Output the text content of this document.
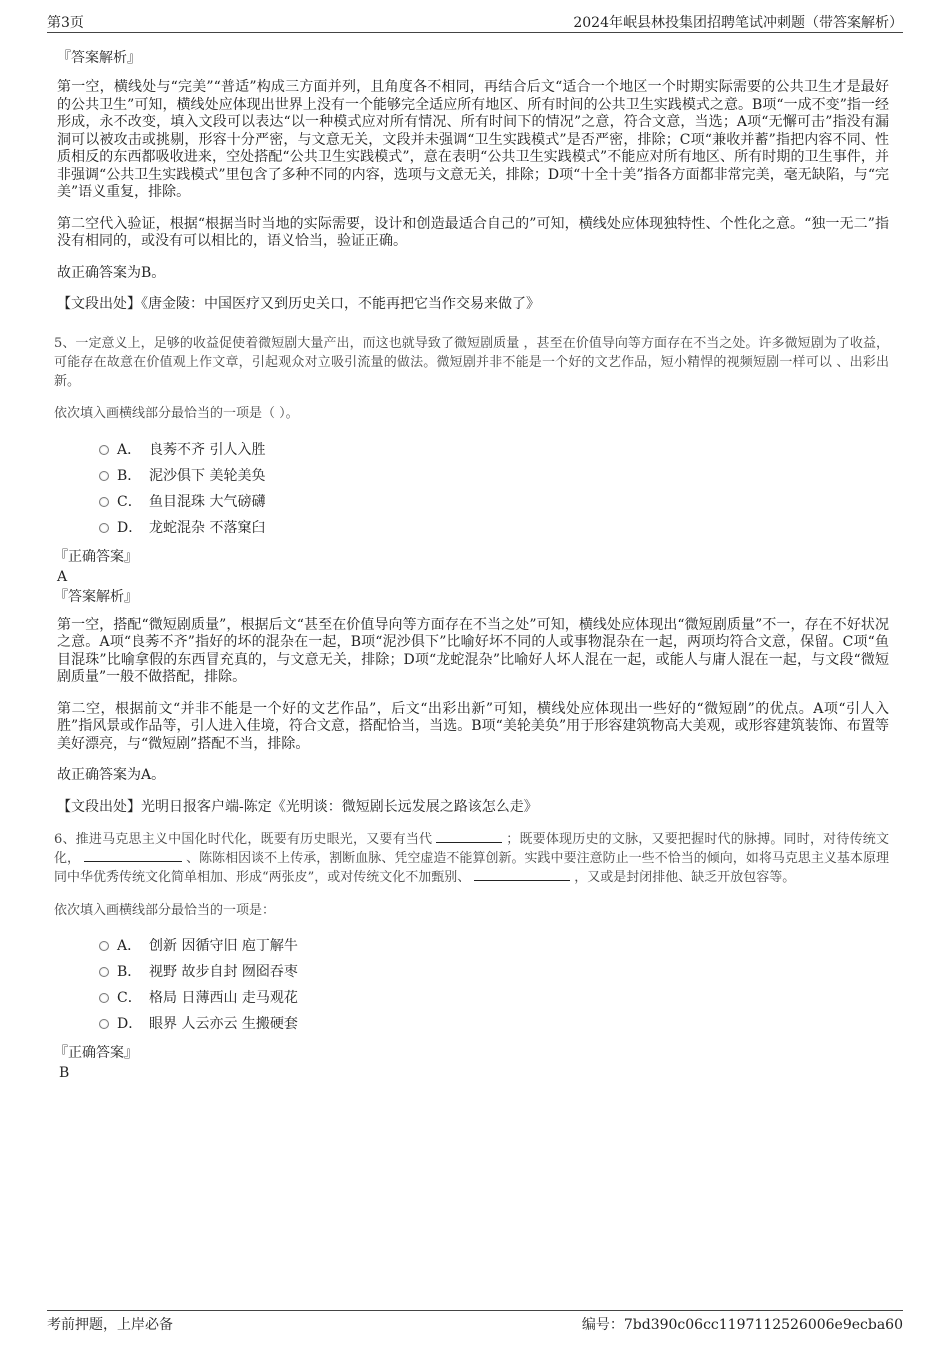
第3页	2024年岷县林投集团招聘笔试冲刺题（带答案解析）
『答案解析』

第一空，横线处与“完美”“普适”构成三方面并列，且角度各不相同，再结合后文“适合一个地区一个时期实际需要的公共卫生才是最好的公共卫生”可知，横线处应体现出世界上没有一个能够完全适应所有地区、所有时间的公共卫生实践模式之意。B项“一成不变”指一经形成，永不改变，填入文段可以表达“以一种模式应对所有情况、所有时间下的情况”之意，符合文意，当选；A项“无懈可击”指没有漏洞可以被攻击或挑剔，形容十分严密，与文意无关，文段并未强调“卫生实践模式”是否严密，排除；C项“兼收并蓄”指把内容不同、性质相反的东西都吸收进来，空处搭配“公共卫生实践模式”，意在表明“公共卫生实践模式”不能应对所有地区、所有时期的卫生事件，并非强调“公共卫生实践模式”里包含了多种不同的内容，选项与文意无关，排除；D项“十全十美”指各方面都非常完美，毫无缺陷，与“完美”语义重复，排除。

第二空代入验证，根据“根据当时当地的实际需要，设计和创造最适合自己的”可知，横线处应体现独特性、个性化之意。“独一无二”指没有相同的，或没有可以相比的，语义恰当，验证正确。

故正确答案为B。

【文段出处】《唐金陵：中国医疗又到历史关口，不能再把它当作交易来做了》

5、一定意义上，足够的收益促使着微短剧大量产出，而这也就导致了微短剧质量 ，甚至在价值导向等方面存在不当之处。许多微短剧为了收益，可能存在故意在价值观上作文章，引起观众对立吸引流量的做法。微短剧并非不能是一个好的文艺作品，短小精悍的视频短剧一样可以 、出彩出新。

依次填入画横线部分最恰当的一项是（ ）。

A． 良莠不齐 引人入胜
B． 泥沙俱下 美轮美奂
C． 鱼目混珠 大气磅礴
D． 龙蛇混杂 不落窠臼
『正确答案』
A
『答案解析』

第一空，搭配“微短剧质量”，根据后文“甚至在价值导向等方面存在不当之处”可知，横线处应体现出“微短剧质量”不一，存在不好状况之意。A项“良莠不齐”指好的坏的混杂在一起，B项“泥沙俱下”比喻好坏不同的人或事物混杂在一起，两项均符合文意，保留。C项“鱼目混珠”比喻拿假的东西冒充真的，与文意无关，排除；D项“龙蛇混杂”比喻好人坏人混在一起，或能人与庸人混在一起，与文段“微短剧质量”一般不做搭配，排除。

第二空，根据前文“并非不能是一个好的文艺作品”，后文“出彩出新”可知，横线处应体现出一些好的“微短剧”的优点。A项“引人入胜”指风景或作品等，引人进入佳境，符合文意，搭配恰当，当选。B项“美轮美奂”用于形容建筑物高大美观，或形容建筑装饰、布置等美好漂亮，与“微短剧”搭配不当，排除。

故正确答案为A。

【文段出处】光明日报客户端-陈定《光明谈：微短剧长远发展之路该怎么走》

6、推进马克思主义中国化时代化，既要有历史眼光，又要有当代	；既要体现历史的文脉，又要把握时代的脉搏。同时，对待传统文化，	、陈陈相因谈不上传承，割断血脉、凭空虚造不能算创新。实践中要注意防止一些不恰当的倾向，如将马克思主义基本原理同中华优秀传统文化简单相加、形成“两张皮”，或对传统文化不加甄别、	，又或是封闭排他、缺乏开放包容等。

依次填入画横线部分最恰当的一项是：

A． 创新 因循守旧 庖丁解牛
B． 视野 故步自封 囫囵吞枣
C． 格局 日薄西山 走马观花
D． 眼界 人云亦云 生搬硬套
『正确答案』
B
考前押题，上岸必备	编号：7bd390c06cc1197112526006e9ecba60
